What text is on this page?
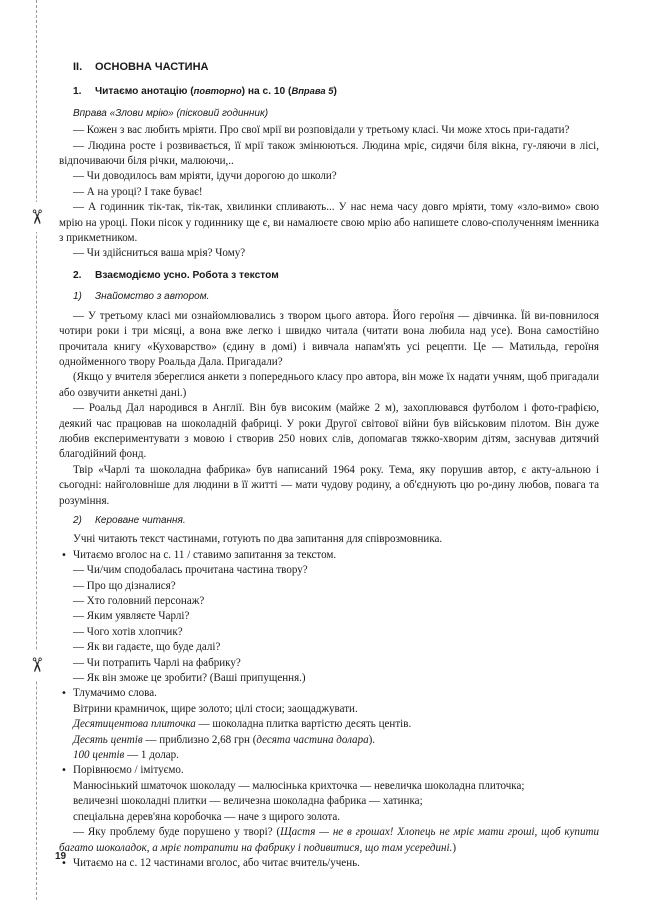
✂
✂
II. ОСНОВНА ЧАСТИНА
1. Читаємо анотацію (повторно) на с. 10 (Вправа 5)
Вправа «Злови мрію» (пісковий годинник)

— Кожен з вас любить мріяти. Про свої мрії ви розповідали у третьому класі. Чи може хтось при-гадати?

— Людина росте і розвивається, її мрії також змінюються. Людина мріє, сидячи біля вікна, гу-ляючи в лісі, відпочиваючи біля річки, малюючи,..

— Чи доводилось вам мріяти, ідучи дорогою до школи?

— А на уроці? І таке буває!

— А годинник тік-так, тік-так, хвилинки спливають... У нас нема часу довго мріяти, тому «зло-вимо» свою мрію на уроці. Поки пісок у годиннику ще є, ви намалюєте свою мрію або напишете слово-сполученням іменника з прикметником.

— Чи здійсниться ваша мрія? Чому?

2. Взаємодіємо усно. Робота з текстом
1) Знайомство з автором.

— У третьому класі ми ознайомлювались з твором цього автора. Його героїня — дівчинка. Їй ви-повнилося чотири роки і три місяці, а вона вже легко і швидко читала (читати вона любила над усе). Вона самостійно прочитала книгу «Куховарство» (єдину в домі) і вивчала напам'ять усі рецепти. Це — Матильда, героїня однойменного твору Роальда Дала. Пригадали?

(Якщо у вчителя збереглися анкети з попереднього класу про автора, він може їх надати учням, щоб пригадали або озвучити анкетні дані.)

— Роальд Дал народився в Англії. Він був високим (майже 2 м), захоплювався футболом і фото-графією, деякий час працював на шоколадній фабриці. У роки Другої світової війни був військовим пілотом. Він дуже любив експериментувати з мовою і створив 250 нових слів, допомагав тяжко-хворим дітям, заснував дитячий благодійний фонд.

Твір «Чарлі та шоколадна фабрика» був написаний 1964 року. Тема, яку порушив автор, є акту-альною і сьогодні: найголовніше для людини в її житті — мати чудову родину, а об'єднують цю ро-дину любов, повага та розуміння.

2) Кероване читання.

Учні читають текст частинами, готують по два запитання для співрозмовника.

• Читаємо вголос на с. 11 / ставимо запитання за текстом.

— Чи/чим сподобалась прочитана частина твору?

— Про що дізналися?

— Хто головний персонаж?

— Яким уявляєте Чарлі?

— Чого хотів хлопчик?

— Як ви гадаєте, що буде далі?

— Чи потрапить Чарлі на фабрику?

— Як він зможе це зробити? (Ваші припущення.)

• Тлумачимо слова.

Вітрини крамничок, щире золото; цілі стоси; заощаджувати.

Десятицентова плиточка — шоколадна плитка вартістю десять центів.

Десять центів — приблизно 2,68 грн (десята частина долара).

100 центів — 1 долар.

• Порівнюємо / імітуємо.

Манюсінький шматочок шоколаду — малюсінька крихточка — невеличка шоколадна плиточка;

величезні шоколадні плитки — величезна шоколадна фабрика — хатинка;

спеціальна дерев'яна коробочка — наче з щирого золота.

— Яку проблему буде порушено у творі? (Щастя — не в грошах! Хлопець не мріє мати гроші, щоб купити багато шоколадок, а мріє потрапити на фабрику і подивитися, що там усередині.)

• Читаємо на с. 12 частинами вголос, або читає вчитель/учень.

19
